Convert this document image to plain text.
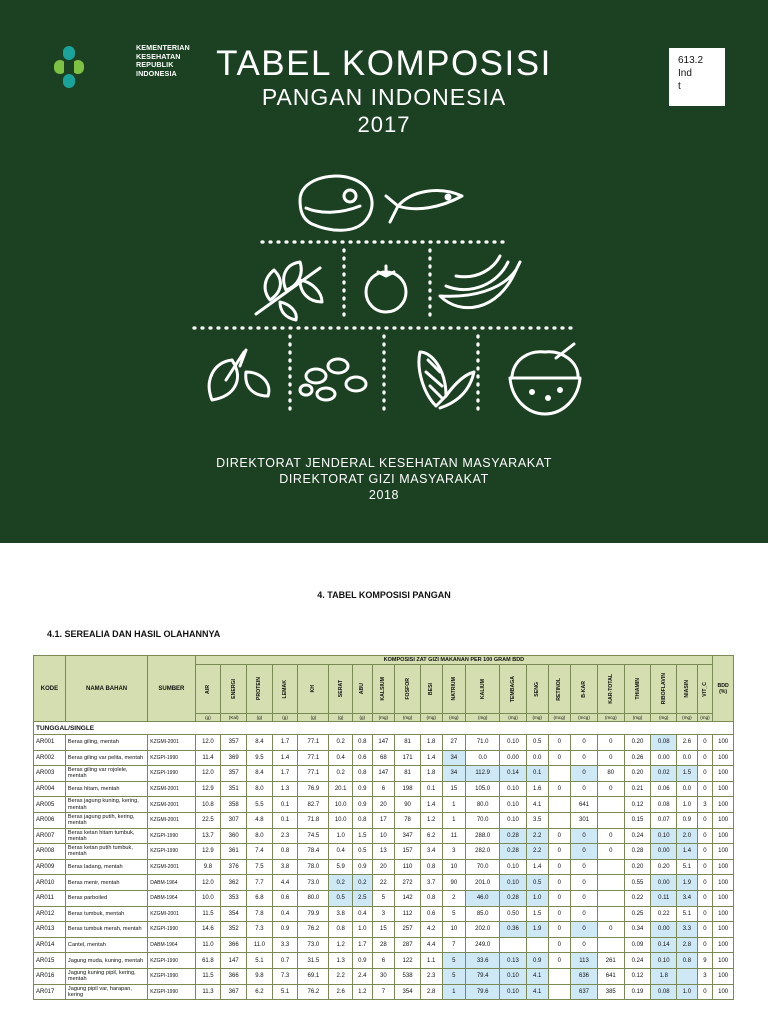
KEMENTERIAN
KESEHATAN
REPUBLIK
INDONESIA	TABEL KOMPOSISI
PANGAN INDONESIA
2017
613.2
Ind
t
DIREKTORAT JENDERAL KESEHATAN MASYARAKAT
DIREKTORAT GIZI MASYARAKAT
2018
4. TABEL KOMPOSISI PANGAN
4.1. SEREALIA DAN HASIL OLAHANNYA
KODE	NAMA BAHAN	SUMBER	KOMPOSISI ZAT GIZI MAKANAN PER 100 GRAM BDD																					BDD (%)

			AIR	ENERGI	PROTEIN	LEMAK	KH	SERAT	ABU	KALSIUM	FOSFOR	BESI	NATRIUM	KALIUM	TEMBAGA	SENG	RETINOL	B-KAR	KAR-TOTAL	THIAMIN	RIBOFLAVIN	NIASIN	VIT_C	

			(g)	(Kal)	(g)	(g)	(g)	(g)	(g)	(mg)	(mg)	(mg)	(mg)	(mg)	(mg)	(mg)	(mcg)	(mcg)	(mcg)	(mg)	(mg)	(mg)	(mg)	
TUNGGAL/SINGLE																								
AR001	Beras giling, mentah	KZGMI-2001	12.0	357	8.4	1.7	77.1	0.2	0.8	147	81	1.8	27	71.0	0.10	0.5	0	0	0	0.20	0.08	2.6	0	100
AR002	Beras giling var pelita, mentah	KZGPI-1990	11.4	369	9.5	1.4	77.1	0.4	0.6	68	171	1.4	34	0.0	0.00	0.0	0	0	0	0.26	0.00	0.0	0	100
AR003	Beras giling var rojolele, mentah	KZGPI-1990	12.0	357	8.4	1.7	77.1	0.2	0.8	147	81	1.8	34	112.9	0.14	0.1		0	80	0.20	0.02	1.5	0	100
AR004	Beras hitam, mentah	KZGMI-2001	12.9	351	8.0	1.3	76.9	20.1	0.9	6	198	0.1	15	105.0	0.10	1.6	0	0	0	0.21	0.06	0.0	0	100
AR005	Beras jagung kuning, kering, mentah	KZGMI-2001	10.8	358	5.5	0.1	82.7	10.0	0.9	20	90	1.4	1	80.0	0.10	4.1		641		0.12	0.08	1.0	3	100
AR006	Beras jagung putih, kering, mentah	KZGMI-2001	22.5	307	4.8	0.1	71.8	10.0	0.8	17	78	1.2	1	70.0	0.10	3.5		301		0.15	0.07	0.9	0	100
AR007	Beras ketan hitam tumbuk, mentah	KZGPI-1990	13.7	360	8.0	2.3	74.5	1.0	1.5	10	347	6.2	11	288.0	0.28	2.2	0	0	0	0.24	0.10	2.0	0	100
AR008	Beras ketan putih tumbuk, mentah	KZGPI-1990	12.9	361	7.4	0.8	78.4	0.4	0.5	13	157	3.4	3	282.0	0.28	2.2	0	0	0	0.28	0.00	1.4	0	100
AR009	Beras ladang, mentah	KZGMI-2001	9.8	376	7.5	3.8	78.0	5.9	0.9	20	110	0.8	10	70.0	0.10	1.4	0	0		0.20	0.20	5.1	0	100
AR010	Beras menir, mentah	DABM-1964	12.0	362	7.7	4.4	73.0	0.2	0.2	22	272	3.7	90	201.0	0.10	0.5	0	0		0.55	0.00	1.9	0	100
AR011	Beras parboiled	DABM-1964	10.0	353	6.8	0.6	80.0	0.5	2.5	5	142	0.8	2	46.0	0.28	1.0	0	0		0.22	0.11	3.4	0	100
AR012	Beras tumbuk, mentah	KZGMI-2001	11.5	354	7.8	0.4	79.9	3.8	0.4	3	112	0.6	5	85.0	0.50	1.5	0	0		0.25	0.22	5.1	0	100
AR013	Beras tumbuk merah, mentah	KZGPI-1990	14.6	352	7.3	0.9	76.2	0.8	1.0	15	257	4.2	10	202.0	0.36	1.9	0	0	0	0.34	0.00	3.3	0	100
AR014	Cantel, mentah	DABM-1964	11.0	366	11.0	3.3	73.0	1.2	1.7	28	287	4.4	7	249.0			0	0		0.09	0.14	2.8	0	100
AR015	Jagung muda, kuning, mentah	KZGPI-1990	61.8	147	5.1	0.7	31.5	1.3	0.9	6	122	1.1	5	33.6	0.13	0.9	0	113	261	0.24	0.10	0.8	9	100
AR016	Jagung kuning pipil, kering, mentah	KZGPI-1990	11.5	366	9.8	7.3	69.1	2.2	2.4	30	538	2.3	5	79.4	0.10	4.1		636	641	0.12	1.8		3	100
AR017	Jagung pipil var, harapan, kering	KZGPI-1990	11.3	367	6.2	5.1	76.2	2.6	1.2	7	354	2.8	1	79.6	0.10	4.1		637	385	0.19	0.08	1.0	0	100
